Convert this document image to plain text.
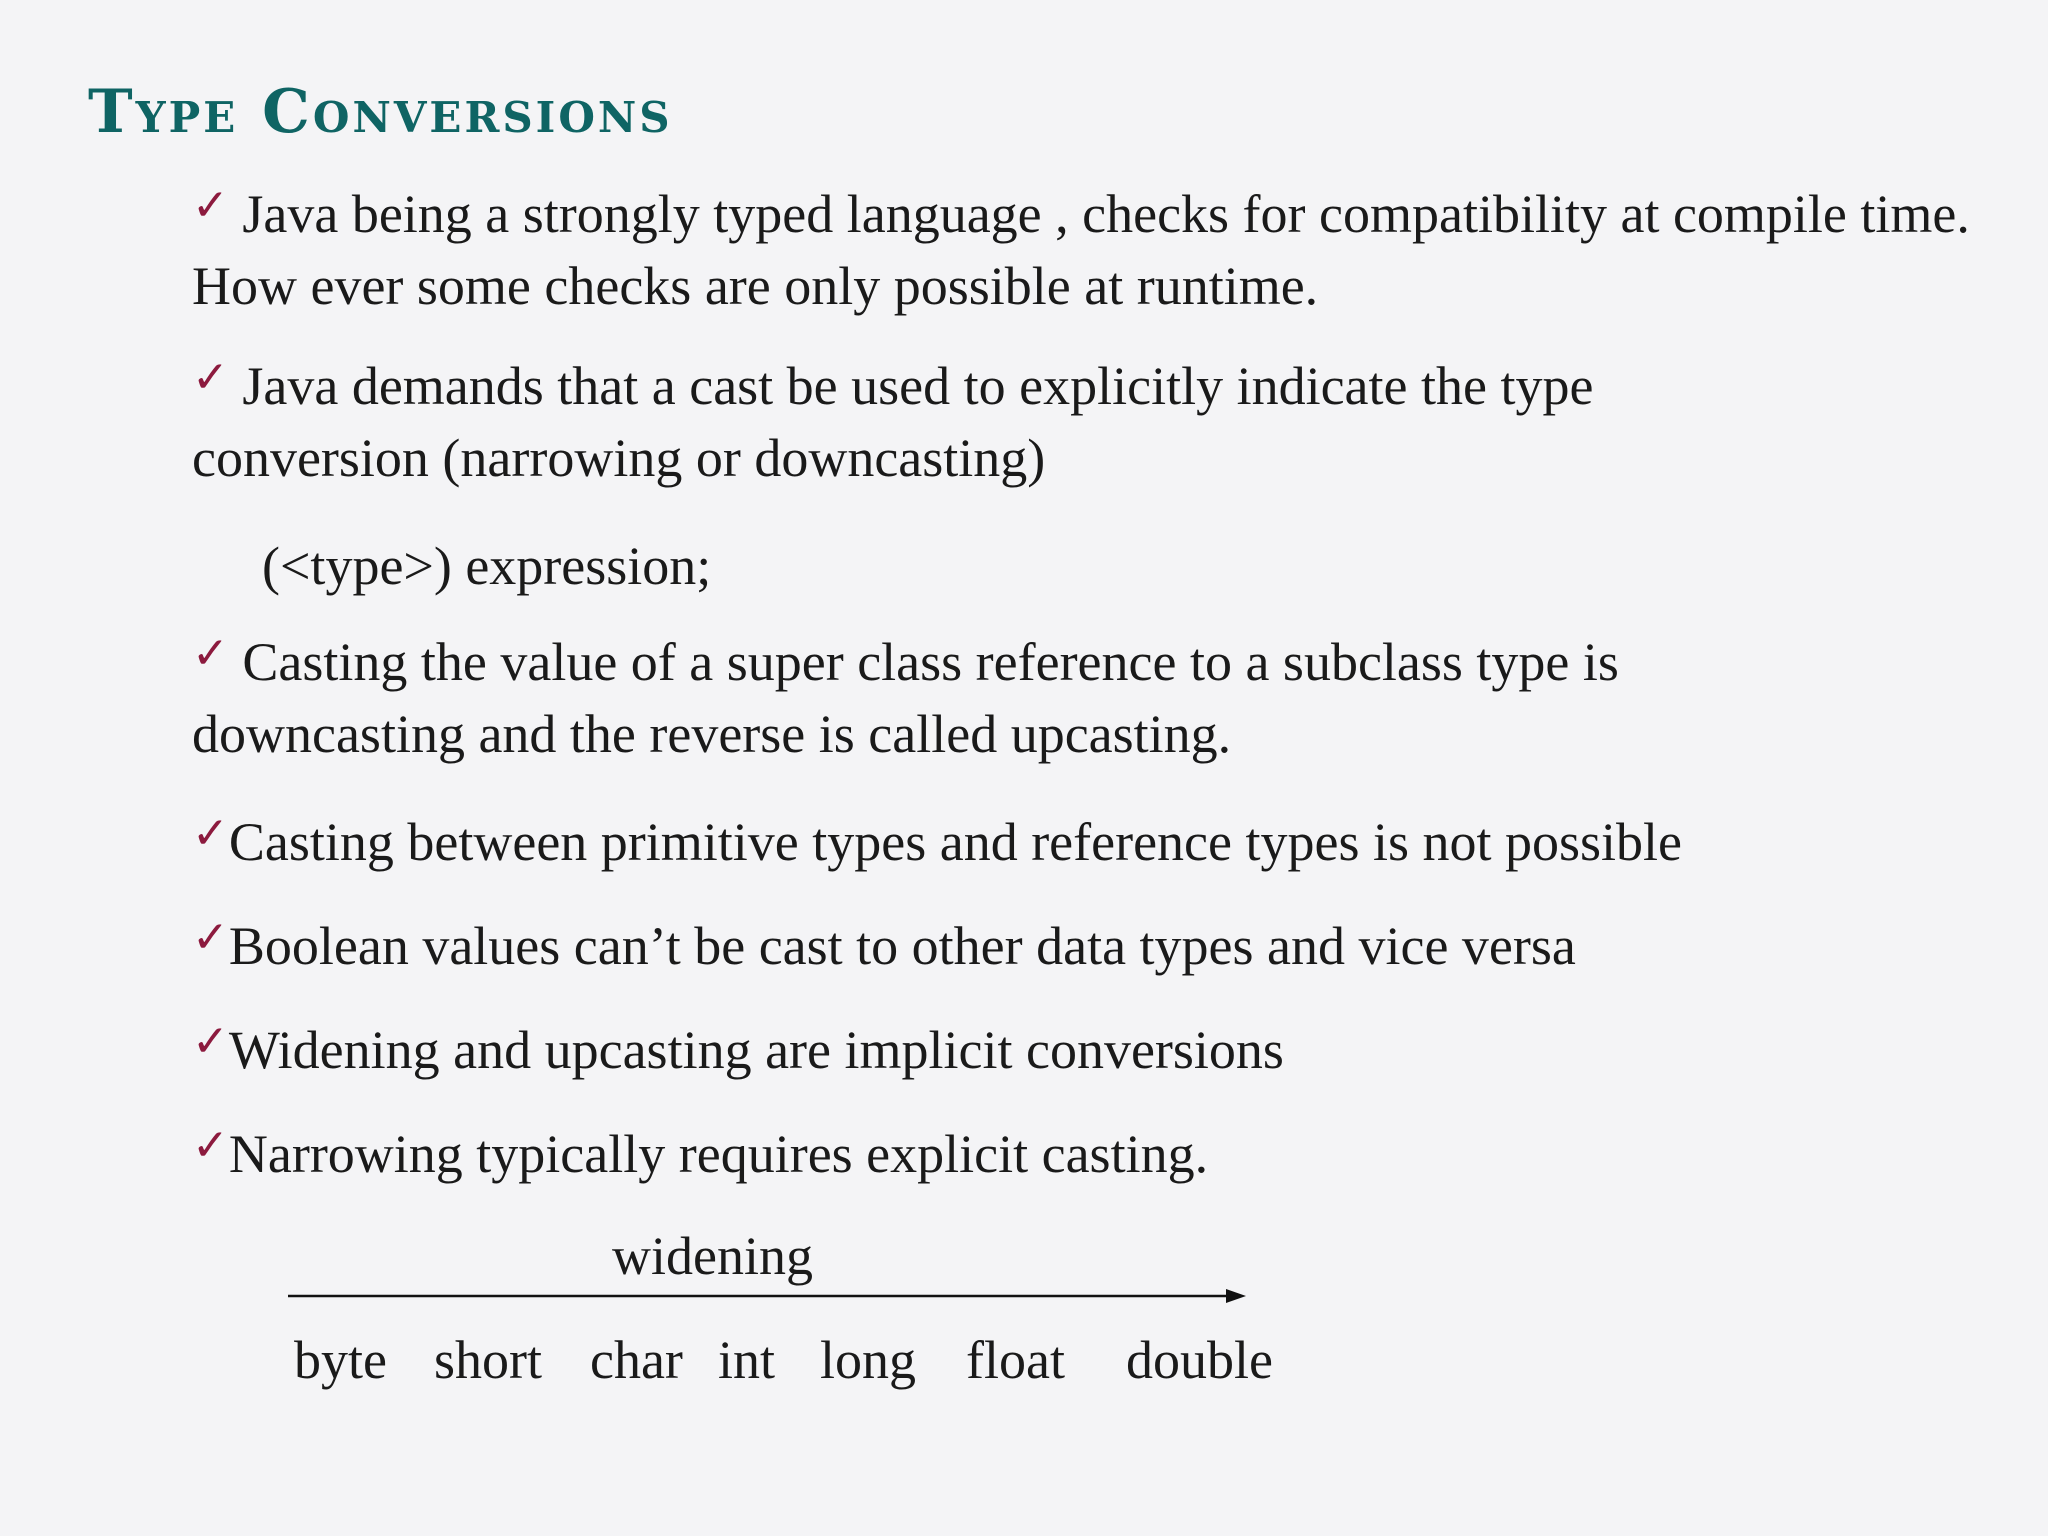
Type Conversions

✓ Java being a strongly typed language , checks for compatibility at compile time. How ever some checks are only possible at runtime.

✓ Java demands that a cast be used to explicitly indicate the type conversion (narrowing or downcasting)

(<type>) expression;

✓ Casting the value of a super class reference to a subclass type is downcasting and the reverse is called upcasting.

✓Casting between primitive types and reference types is not possible

✓Boolean values can’t be cast to other data types and vice versa

✓Widening and upcasting are implicit conversions

✓Narrowing typically requires explicit casting.

widening
byte short char int long float double
